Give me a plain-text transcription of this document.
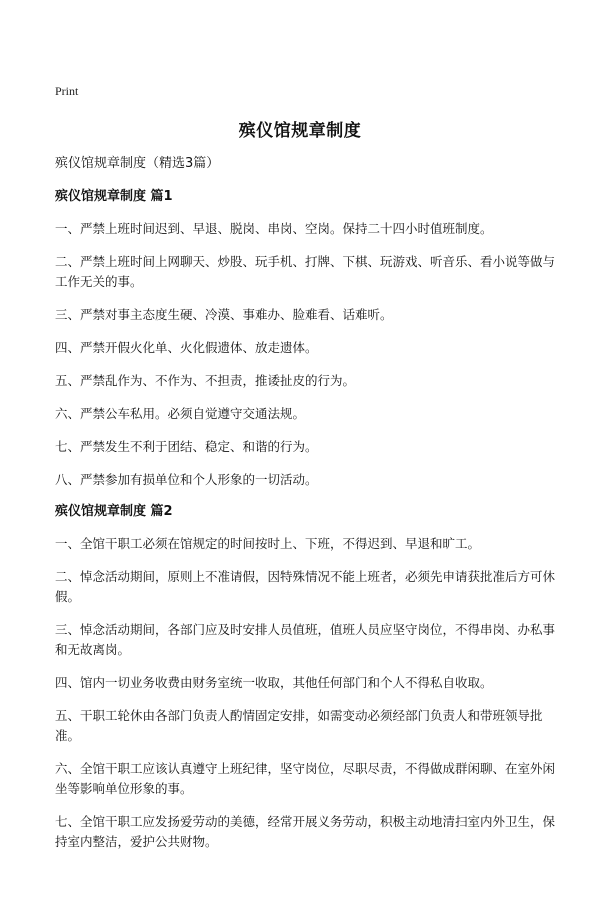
Print
殡仪馆规章制度

殡仪馆规章制度（精选3篇）

殡仪馆规章制度 篇1

一、严禁上班时间迟到、早退、脱岗、串岗、空岗。保持二十四小时值班制度。

二、严禁上班时间上网聊天、炒股、玩手机、打牌、下棋、玩游戏、听音乐、看小说等做与工作无关的事。

三、严禁对事主态度生硬、冷漠、事难办、脸难看、话难听。

四、严禁开假火化单、火化假遗体、放走遗体。

五、严禁乱作为、不作为、不担责，推诿扯皮的行为。

六、严禁公车私用。必须自觉遵守交通法规。

七、严禁发生不利于团结、稳定、和谐的行为。

八、严禁参加有损单位和个人形象的一切活动。

殡仪馆规章制度 篇2

一、全馆干职工必须在馆规定的时间按时上、下班，不得迟到、早退和旷工。

二、悼念活动期间，原则上不准请假，因特殊情况不能上班者，必须先申请获批准后方可休假。

三、悼念活动期间，各部门应及时安排人员值班，值班人员应坚守岗位，不得串岗、办私事和无故离岗。

四、馆内一切业务收费由财务室统一收取，其他任何部门和个人不得私自收取。

五、干职工轮休由各部门负责人酌情固定安排，如需变动必须经部门负责人和带班领导批准。

六、全馆干职工应该认真遵守上班纪律，坚守岗位，尽职尽责，不得做成群闲聊、在室外闲坐等影响单位形象的事。

七、全馆干职工应发扬爱劳动的美德，经常开展义务劳动，积极主动地清扫室内外卫生，保持室内整洁，爱护公共财物。
